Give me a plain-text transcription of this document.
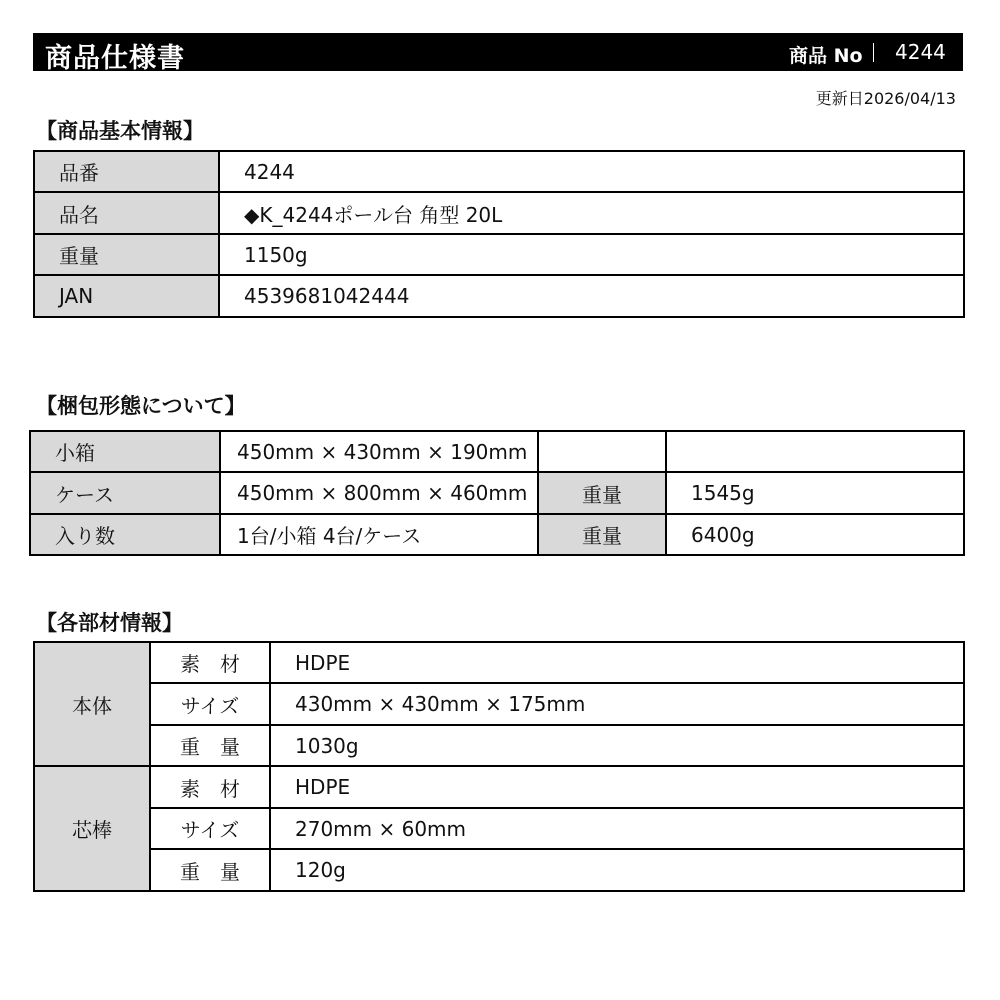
商品仕様書	商品 No 4244
更新日2026/04/13
【商品基本情報】
品番	4244
品名	◆K_4244ポール台 角型 20L
重量	1150g
JAN	4539681042444
【梱包形態について】
小箱	450mm × 430mm × 190mm		
ケース	450mm × 800mm × 460mm	重量	1545g
入り数	1台/小箱 4台/ケース	重量	6400g
【各部材情報】
本体	素　材	HDPE
	サイズ	430mm × 430mm × 175mm
	重　量	1030g
芯棒	素　材	HDPE
	サイズ	270mm × 60mm
	重　量	120g
